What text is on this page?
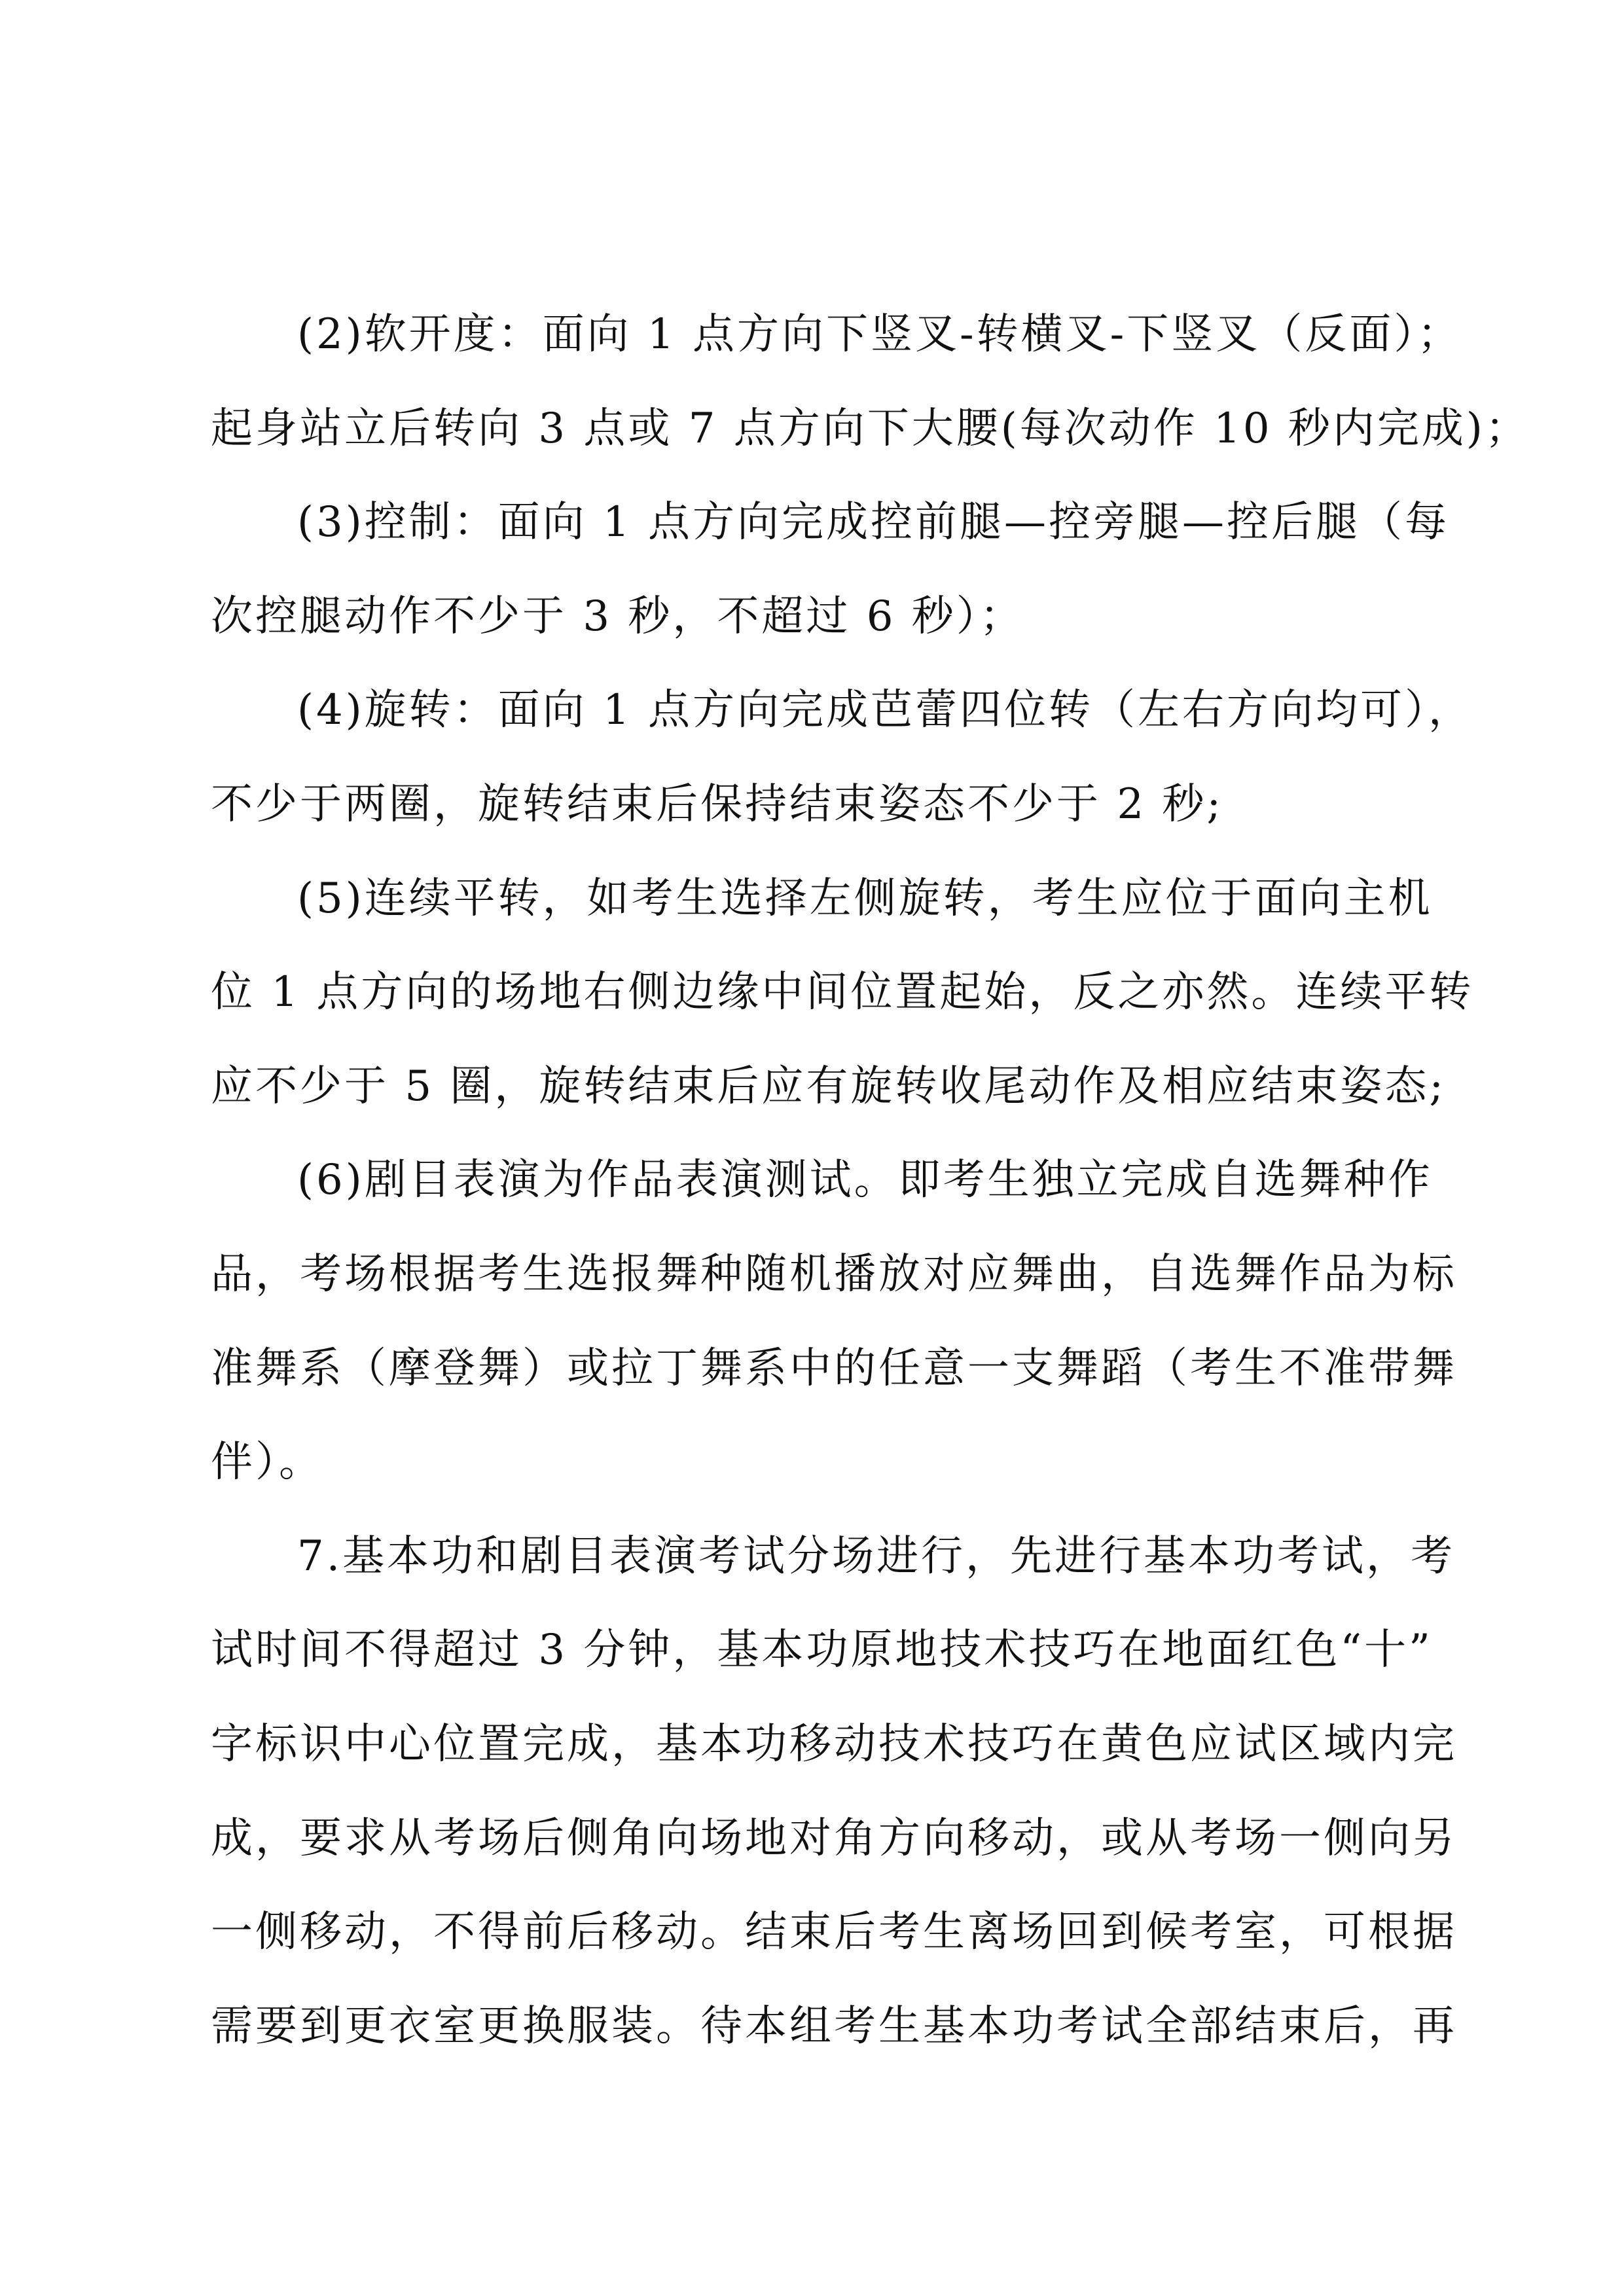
(2)软开度：面向 1 点方向下竖叉-转横叉-下竖叉（反面）；
起身站立后转向 3 点或 7 点方向下大腰(每次动作 10 秒内完成)；
(3)控制：面向 1 点方向完成控前腿—控旁腿—控后腿（每
次控腿动作不少于 3 秒，不超过 6 秒）；
(4)旋转：面向 1 点方向完成芭蕾四位转（左右方向均可），
不少于两圈，旋转结束后保持结束姿态不少于 2 秒;
(5)连续平转，如考生选择左侧旋转，考生应位于面向主机
位 1 点方向的场地右侧边缘中间位置起始，反之亦然。连续平转
应不少于 5 圈，旋转结束后应有旋转收尾动作及相应结束姿态;
(6)剧目表演为作品表演测试。即考生独立完成自选舞种作
品，考场根据考生选报舞种随机播放对应舞曲，自选舞作品为标
准舞系（摩登舞）或拉丁舞系中的任意一支舞蹈（考生不准带舞
伴）。
7.基本功和剧目表演考试分场进行，先进行基本功考试，考
试时间不得超过 3 分钟，基本功原地技术技巧在地面红色“十”
字标识中心位置完成，基本功移动技术技巧在黄色应试区域内完
成，要求从考场后侧角向场地对角方向移动，或从考场一侧向另
一侧移动，不得前后移动。结束后考生离场回到候考室，可根据
需要到更衣室更换服装。待本组考生基本功考试全部结束后，再
